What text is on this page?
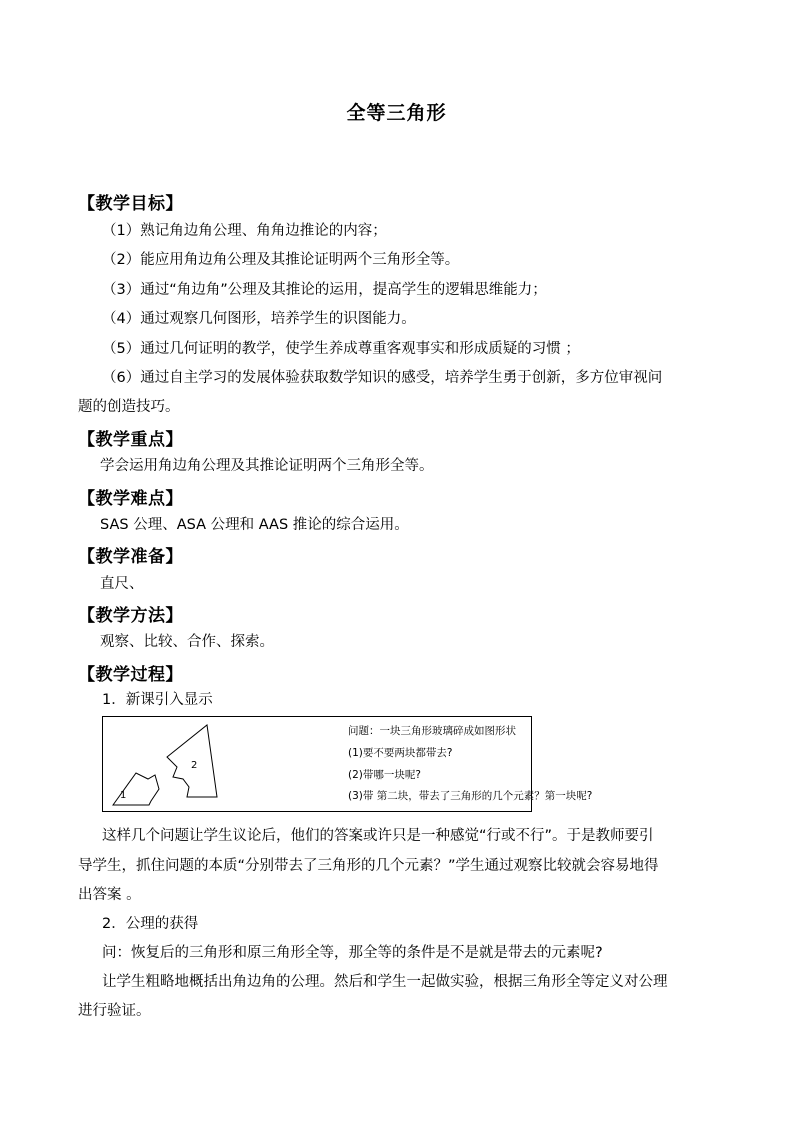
全等三角形
【教学目标】
（1）熟记角边角公理、角角边推论的内容；
（2）能应用角边角公理及其推论证明两个三角形全等。
（3）通过“角边角”公理及其推论的运用，提高学生的逻辑思维能力；
（4）通过观察几何图形，培养学生的识图能力。
（5）通过几何证明的教学，使学生养成尊重客观事实和形成质疑的习惯 ；
（6）通过自主学习的发展体验获取数学知识的感受，培养学生勇于创新，多方位审视问
题的创造技巧。
【教学重点】
学会运用角边角公理及其推论证明两个三角形全等。
【教学难点】
SAS 公理、ASA 公理和 AAS 推论的综合运用。
【教学准备】
直尺、
【教学方法】
观察、比较、合作、探索。
【教学过程】
1．新课引入显示
1
2
问题：一块三角形玻璃碎成如图形状
(1)要不要两块都带去?
(2)带哪一块呢?
(3)带 第二块，带去了三角形的几个元素？第一块呢?
这样几个问题让学生议论后，他们的答案或许只是一种感觉“行或不行”。于是教师要引
导学生，抓住问题的本质“分别带去了三角形的几个元素？”学生通过观察比较就会容易地得
出答案 。
2．公理的获得
问：恢复后的三角形和原三角形全等，那全等的条件是不是就是带去的元素呢?
让学生粗略地概括出角边角的公理。然后和学生一起做实验，根据三角形全等定义对公理
进行验证。
